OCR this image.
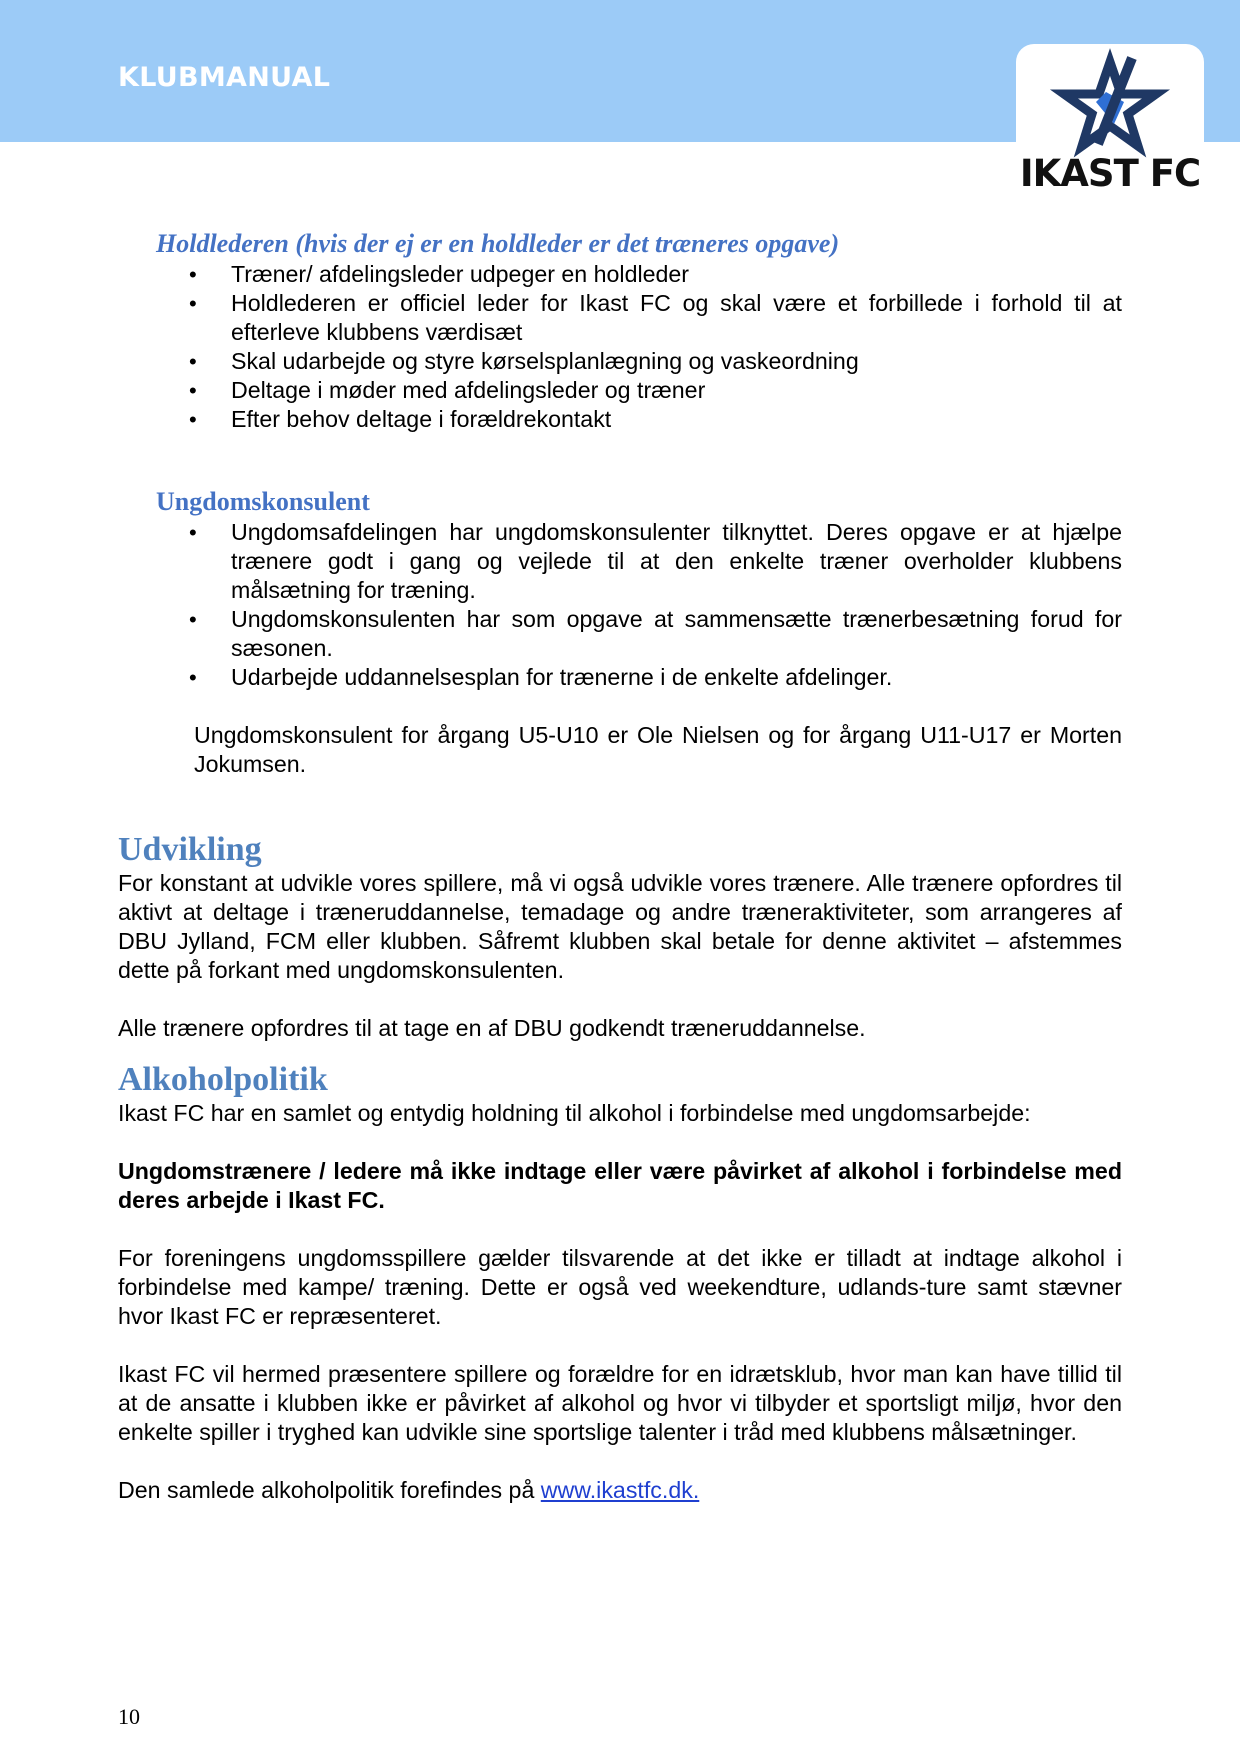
KLUBMANUAL
IKAST FC
Holdlederen (hvis der ej er en holdleder er det træneres opgave)
• Træner/ afdelingsleder udpeger en holdleder
• Holdlederen er officiel leder for Ikast FC og skal være et forbillede i forhold til at efterleve klubbens værdisæt
• Skal udarbejde og styre kørselsplanlægning og vaskeordning
• Deltage i møder med afdelingsleder og træner
• Efter behov deltage i forældrekontakt
Ungdomskonsulent
• Ungdomsafdelingen har ungdomskonsulenter tilknyttet. Deres opgave er at hjælpe trænere godt i gang og vejlede til at den enkelte træner overholder klubbens målsætning for træning.
• Ungdomskonsulenten har som opgave at sammensætte trænerbesætning forud for sæsonen.
• Udarbejde uddannelsesplan for trænerne i de enkelte afdelinger.

Ungdomskonsulent for årgang U5-U10 er Ole Nielsen og for årgang U11-U17 er Morten Jokumsen.

Udvikling

For konstant at udvikle vores spillere, må vi også udvikle vores trænere. Alle trænere opfordres til aktivt at deltage i træneruddannelse, temadage og andre træneraktiviteter, som arrangeres af DBU Jylland, FCM eller klubben. Såfremt klubben skal betale for denne aktivitet – afstemmes dette på forkant med ungdomskonsulenten.

Alle trænere opfordres til at tage en af DBU godkendt træneruddannelse.

Alkoholpolitik

Ikast FC har en samlet og entydig holdning til alkohol i forbindelse med ungdomsarbejde:

Ungdomstrænere / ledere må ikke indtage eller være påvirket af alkohol i forbindelse med deres arbejde i Ikast FC.

For foreningens ungdomsspillere gælder tilsvarende at det ikke er tilladt at indtage alkohol i forbindelse med kampe/ træning. Dette er også ved weekendture, udlands-ture samt stævner hvor Ikast FC er repræsenteret.

Ikast FC vil hermed præsentere spillere og forældre for en idrætsklub, hvor man kan have tillid til at de ansatte i klubben ikke er påvirket af alkohol og hvor vi tilbyder et sportsligt miljø, hvor den enkelte spiller i tryghed kan udvikle sine sportslige talenter i tråd med klubbens målsætninger.

Den samlede alkoholpolitik forefindes på www.ikastfc.dk.

10
